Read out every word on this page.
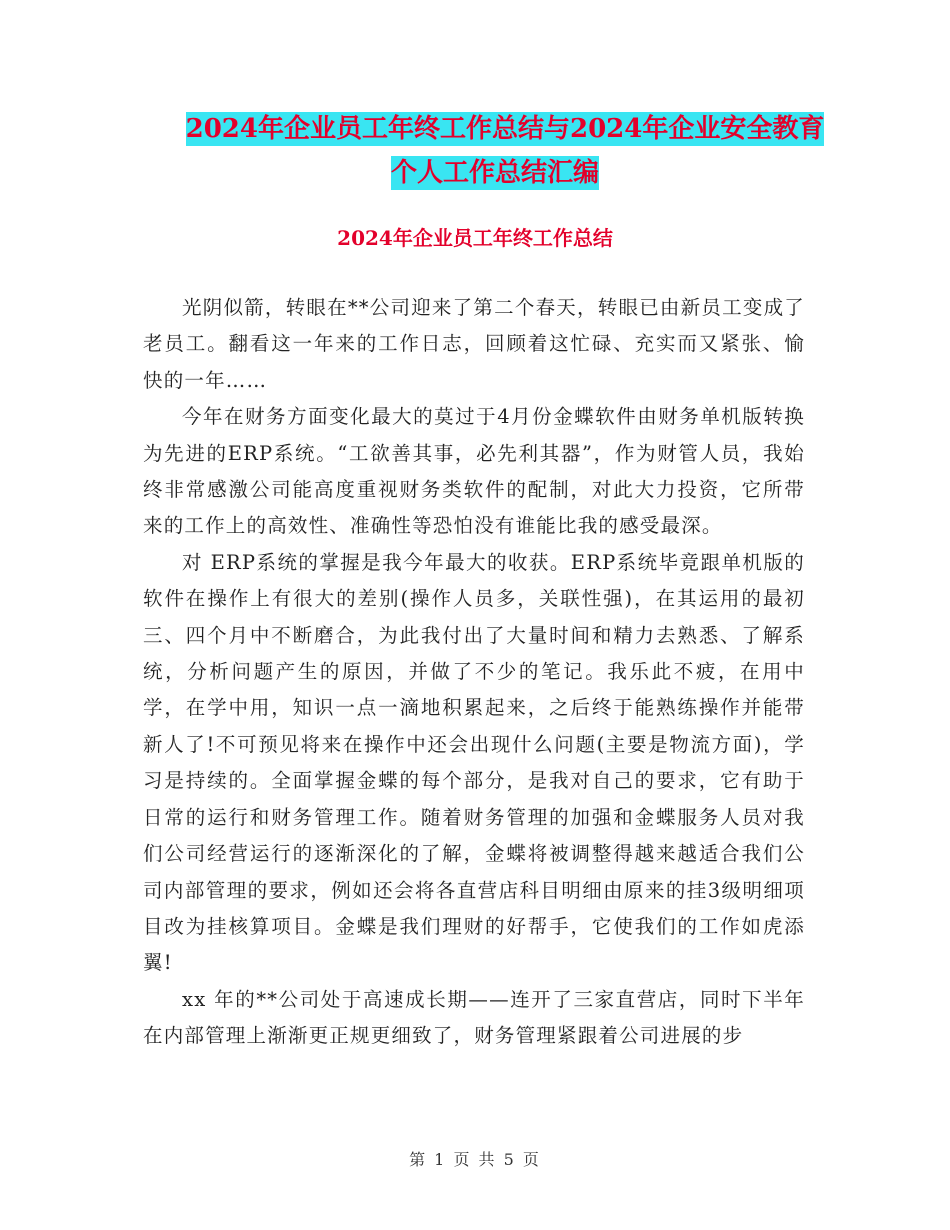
2024年企业员工年终工作总结与2024年企业安全教育
个人工作总结汇编
2024年企业员工年终工作总结

光阴似箭，转眼在**公司迎来了第二个春天，转眼已由新员工变成了老员工。翻看这一年来的工作日志，回顾着这忙碌、充实而又紧张、愉快的一年……

今年在财务方面变化最大的莫过于4月份金蝶软件由财务单机版转换为先进的ERP系统。“工欲善其事，必先利其器”，作为财管人员，我始终非常感激公司能高度重视财务类软件的配制，对此大力投资，它所带来的工作上的高效性、准确性等恐怕没有谁能比我的感受最深。

对 ERP系统的掌握是我今年最大的收获。ERP系统毕竟跟单机版的软件在操作上有很大的差别(操作人员多，关联性强)，在其运用的最初三、四个月中不断磨合，为此我付出了大量时间和精力去熟悉、了解系统，分析问题产生的原因，并做了不少的笔记。我乐此不疲，在用中学，在学中用，知识一点一滴地积累起来，之后终于能熟练操作并能带新人了!不可预见将来在操作中还会出现什么问题(主要是物流方面)，学习是持续的。全面掌握金蝶的每个部分，是我对自己的要求，它有助于日常的运行和财务管理工作。随着财务管理的加强和金蝶服务人员对我们公司经营运行的逐渐深化的了解，金蝶将被调整得越来越适合我们公司内部管理的要求，例如还会将各直营店科目明细由原来的挂3级明细项目改为挂核算项目。金蝶是我们理财的好帮手，它使我们的工作如虎添翼!

xx 年的**公司处于高速成长期——连开了三家直营店，同时下半年在内部管理上渐渐更正规更细致了，财务管理紧跟着公司进展的步

第 1 页 共 5 页
